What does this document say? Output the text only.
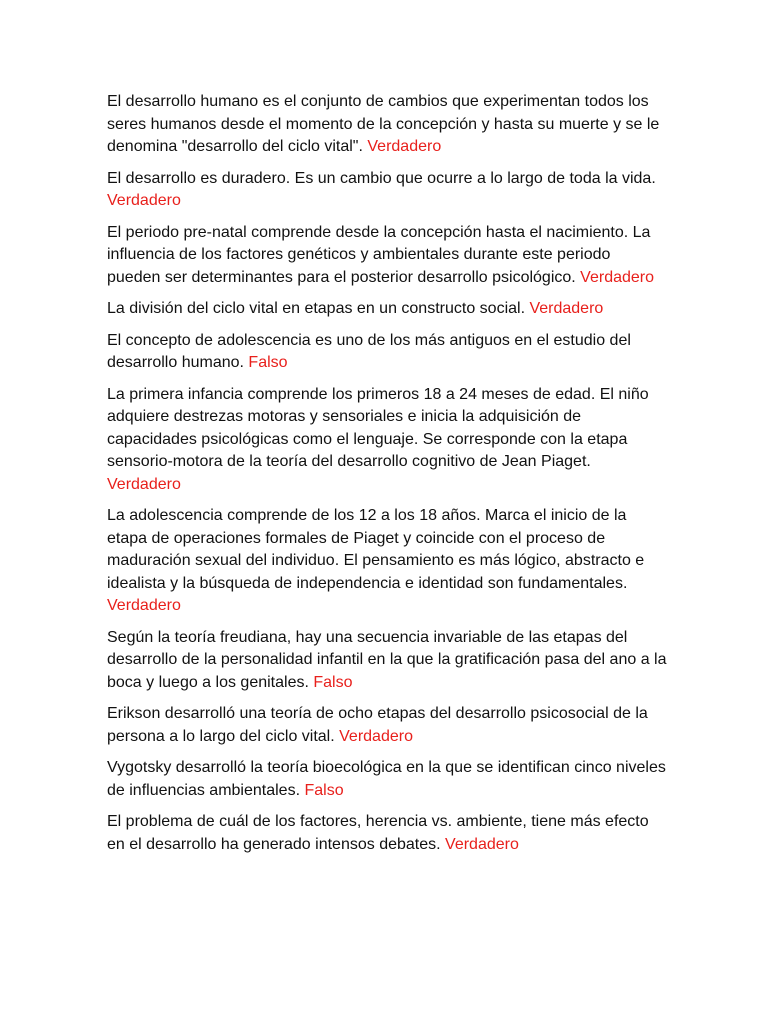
El desarrollo humano es el conjunto de cambios que experimentan todos los seres humanos desde el momento de la concepción y hasta su muerte y se le denomina "desarrollo del ciclo vital". Verdadero

El desarrollo es duradero. Es un cambio que ocurre a lo largo de toda la vida. Verdadero

El periodo pre-natal comprende desde la concepción hasta el nacimiento. La influencia de los factores genéticos y ambientales durante este periodo pueden ser determinantes para el posterior desarrollo psicológico. Verdadero

La división del ciclo vital en etapas en un constructo social. Verdadero

El concepto de adolescencia es uno de los más antiguos en el estudio del desarrollo humano. Falso

La primera infancia comprende los primeros 18 a 24 meses de edad. El niño adquiere destrezas motoras y sensoriales e inicia la adquisición de capacidades psicológicas como el lenguaje. Se corresponde con la etapa sensorio-motora de la teoría del desarrollo cognitivo de Jean Piaget. Verdadero

La adolescencia comprende de los 12 a los 18 años. Marca el inicio de la etapa de operaciones formales de Piaget y coincide con el proceso de maduración sexual del individuo. El pensamiento es más lógico, abstracto e idealista y la búsqueda de independencia e identidad son fundamentales. Verdadero

Según la teoría freudiana, hay una secuencia invariable de las etapas del desarrollo de la personalidad infantil en la que la gratificación pasa del ano a la boca y luego a los genitales. Falso

Erikson desarrolló una teoría de ocho etapas del desarrollo psicosocial de la persona a lo largo del ciclo vital. Verdadero

Vygotsky desarrolló la teoría bioecológica en la que se identifican cinco niveles de influencias ambientales. Falso

El problema de cuál de los factores, herencia vs. ambiente, tiene más efecto en el desarrollo ha generado intensos debates. Verdadero
